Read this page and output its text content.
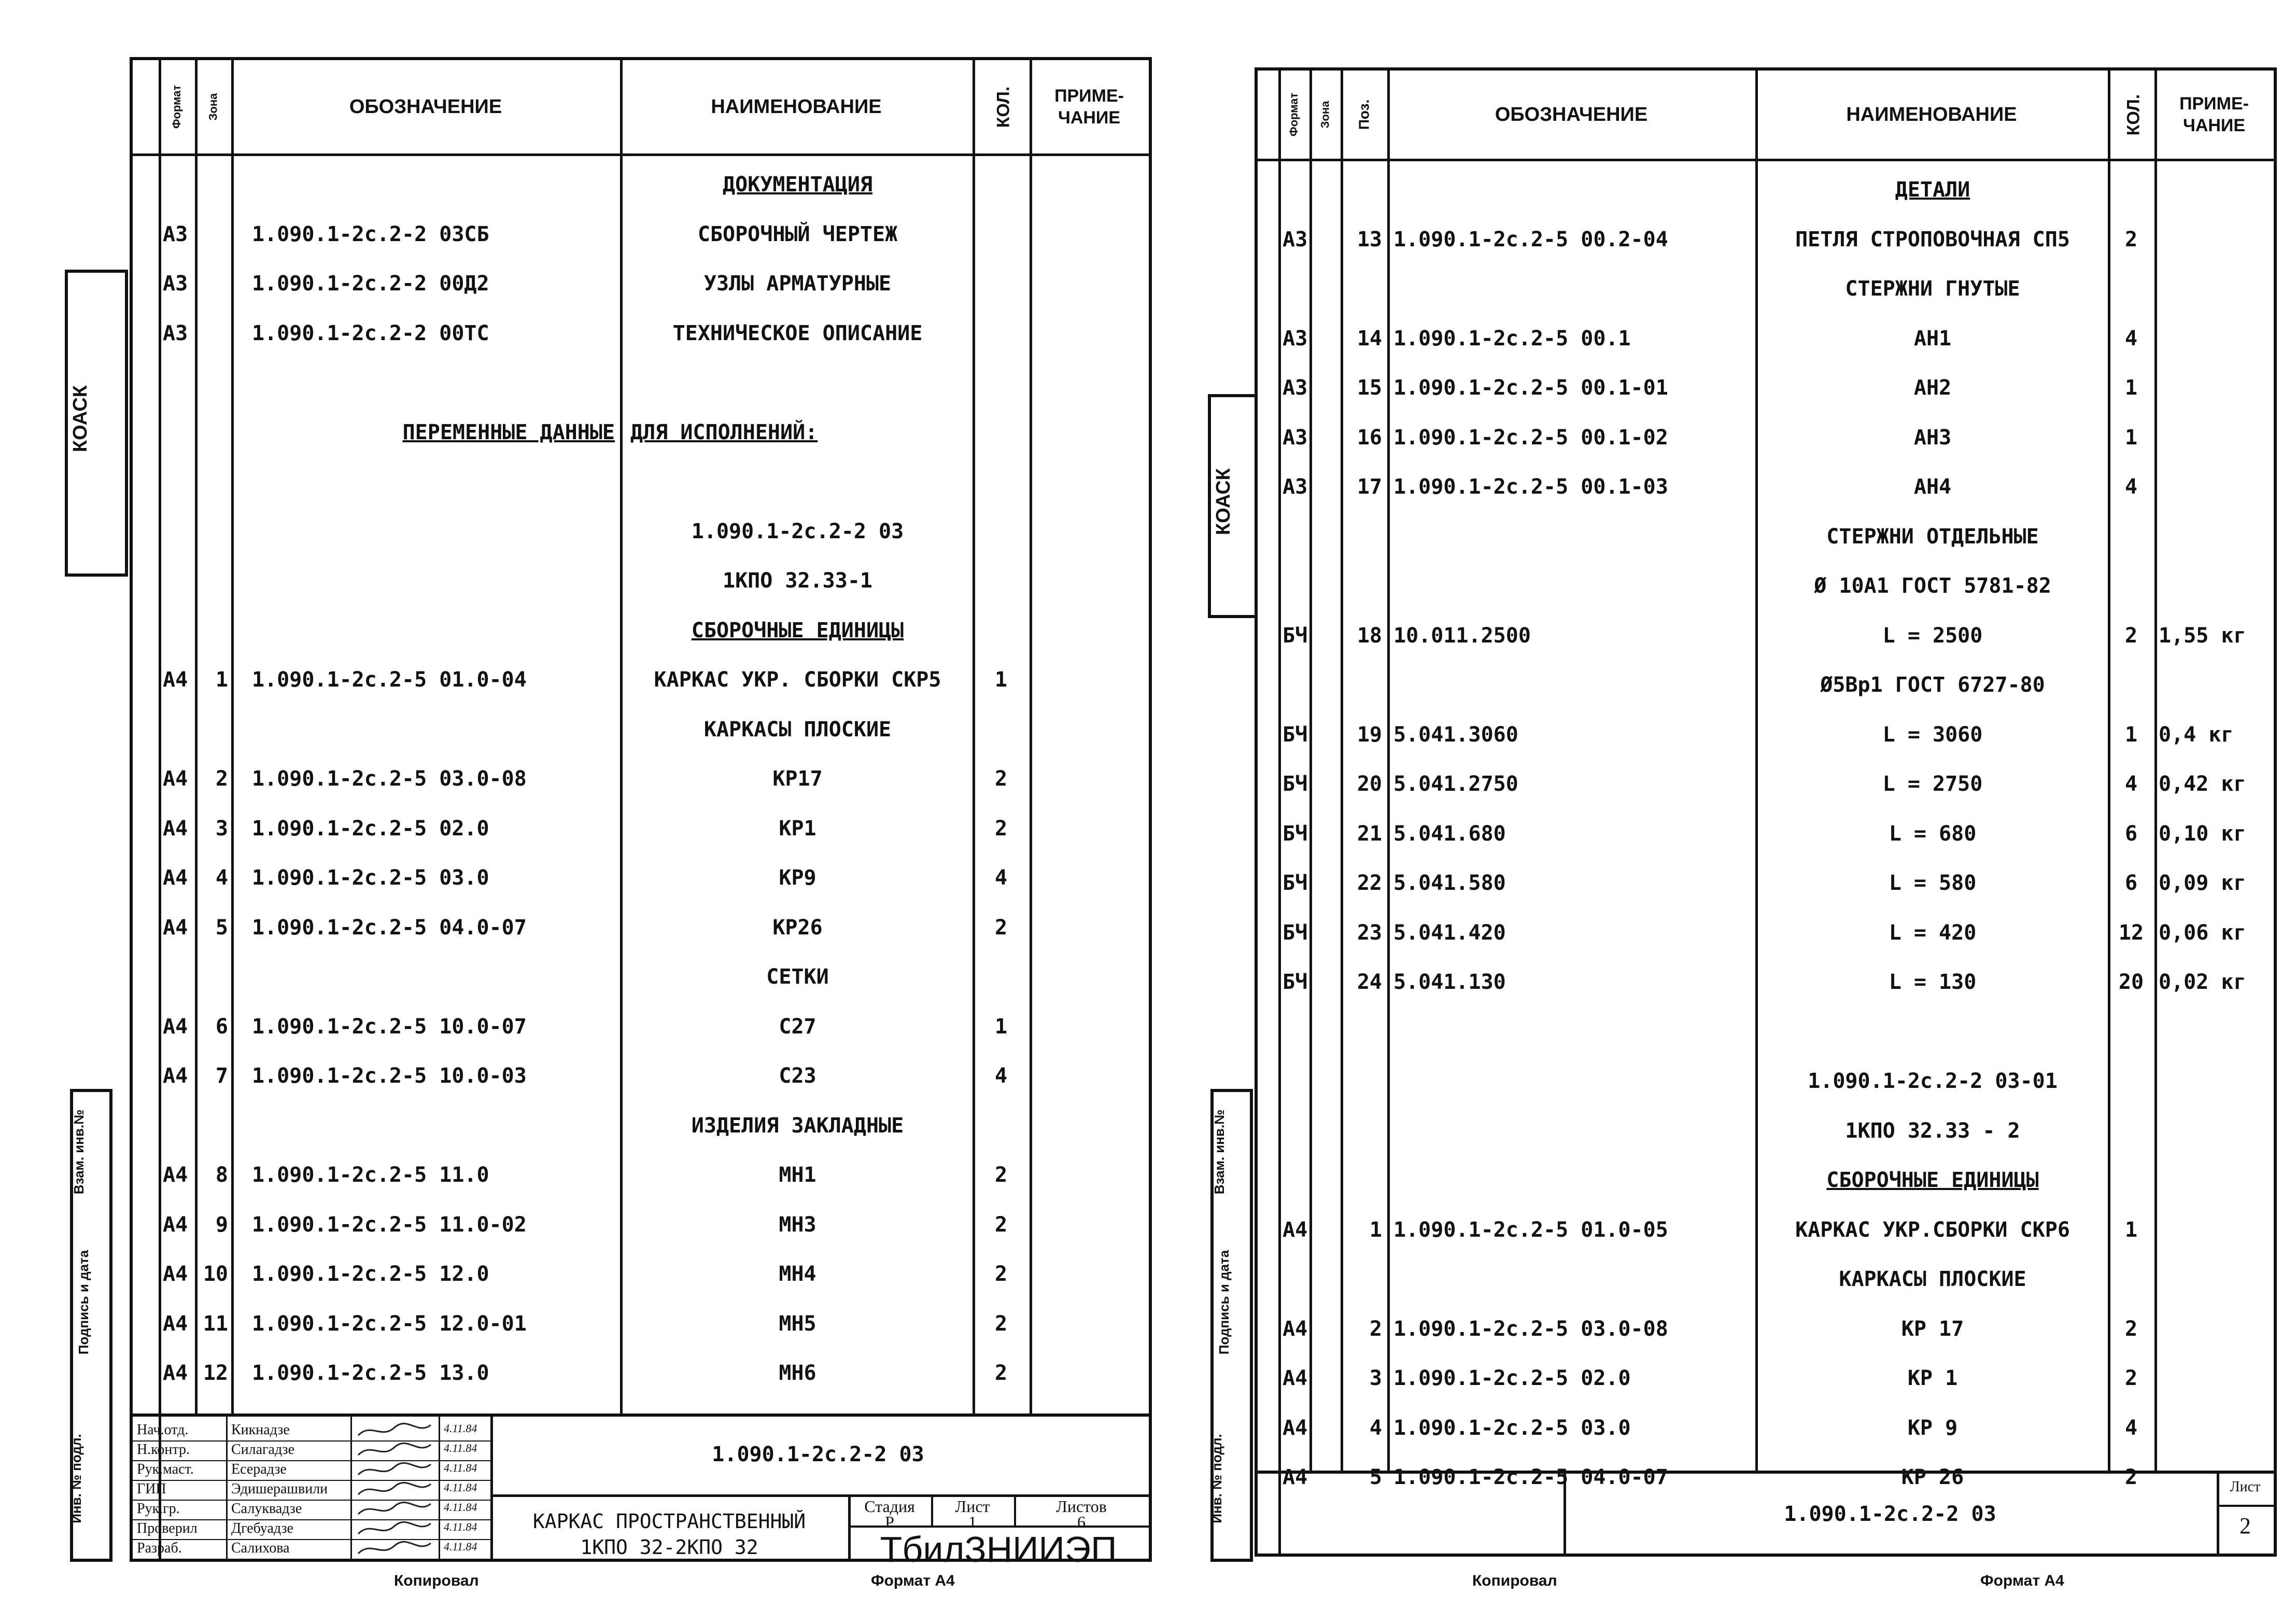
КОАСК
Взам. инв.№
Подпись и дата
Инв. № подл.
Формат Зона	ОБОЗНАЧЕНИЕ	НАИМЕНОВАНИЕ	КОЛ.	ПРИМЕ- ЧАНИЕ
ДОКУМЕНТАЦИЯ
А3	1.090.1-2с.2-2 03СБ	СБОРОЧНЫЙ ЧЕРТЕЖ
А3	1.090.1-2с.2-2 00Д2	УЗЛЫ АРМАТУРНЫЕ
А3	1.090.1-2с.2-2 00ТС	ТЕХНИЧЕСКОЕ ОПИСАНИЕ
ПЕРЕМЕННЫЕ ДАННЫЕ ДЛЯ ИСПОЛНЕНИЙ:
1.090.1-2с.2-2 03
1КПО 32.33-1
СБОРОЧНЫЕ ЕДИНИЦЫ
А4	1 1.090.1-2с.2-5 01.0-04	КАРКАС УКР. СБОРКИ СКР5	1
КАРКАСЫ ПЛОСКИЕ
А4	2 1.090.1-2с.2-5 03.0-08	КР17	2
А4	3 1.090.1-2с.2-5 02.0	КР1	2
А4	4 1.090.1-2с.2-5 03.0	КР9	4
А4	5 1.090.1-2с.2-5 04.0-07	КР26	2
СЕТКИ
А4	6 1.090.1-2с.2-5 10.0-07	С27	1
А4	7 1.090.1-2с.2-5 10.0-03	С23	4
ИЗДЕЛИЯ ЗАКЛАДНЫЕ
А4	8 1.090.1-2с.2-5 11.0	МН1	2
А4	9 1.090.1-2с.2-5 11.0-02	МН3	2
А4 10 1.090.1-2с.2-5 12.0	МН4	2
А4 11 1.090.1-2с.2-5 12.0-01	МН5	2
А4 12 1.090.1-2с.2-5 13.0	МН6	2
1.090.1-2с.2-2 03
КАРКАС ПРОСТРАНСТВЕННЫЙ
1КПО 32-2КПО 32
Стадия	Лист	Листов
Р	1	6
ТбилЗНИИЭП
Нач.отд.	Кикнадзе	4.11.84
Н.контр.	Силагадзе	4.11.84
Рук.маст.	Есерадзе	4.11.84
ГИП	Эдишерашвили	4.11.84
Рук.гр.	Салуквадзе	4.11.84
Проверил	Дгебуадзе	4.11.84
Разраб.	Салихова	4.11.84
Копировал	Формат А4
КОАСК
Взам. инв.№
Подпись и дата
Инв. № подл.
Формат Зона Поз.	ОБОЗНАЧЕНИЕ	НАИМЕНОВАНИЕ	КОЛ.	ПРИМЕ- ЧАНИЕ
ДЕТАЛИ
А3	13 1.090.1-2с.2-5 00.2-04	ПЕТЛЯ СТРОПОВОЧНАЯ СП5	2
СТЕРЖНИ ГНУТЫЕ
А3	14 1.090.1-2с.2-5 00.1	АН1	4
А3	15 1.090.1-2с.2-5 00.1-01	АН2	1
А3	16 1.090.1-2с.2-5 00.1-02	АН3	1
А3	17 1.090.1-2с.2-5 00.1-03	АН4	4
СТЕРЖНИ ОТДЕЛЬНЫЕ
Ø 10А1 ГОСТ 5781-82
БЧ	18 10.011.2500	L = 2500	2	1,55 кг
Ø5Вр1 ГОСТ 6727-80
БЧ	19 5.041.3060	L = 3060	1	0,4 кг
БЧ	20 5.041.2750	L = 2750	4	0,42 кг
БЧ	21 5.041.680	L = 680	6	0,10 кг
БЧ	22 5.041.580	L = 580	6	0,09 кг
БЧ	23 5.041.420	L = 420	12 0,06 кг
БЧ	24 5.041.130	L = 130	20 0,02 кг
1.090.1-2с.2-2 03-01
1КПО 32.33 - 2
СБОРОЧНЫЕ ЕДИНИЦЫ
А4	1 1.090.1-2с.2-5 01.0-05	КАРКАС УКР.СБОРКИ СКР6	1
КАРКАСЫ ПЛОСКИЕ
А4	2 1.090.1-2с.2-5 03.0-08	КР 17	2
А4	3 1.090.1-2с.2-5 02.0	КР 1	2
А4	4 1.090.1-2с.2-5 03.0	КР 9	4
А4	5 1.090.1-2с.2-5 04.0-07	КР 26	2
1.090.1-2с.2-2 03
Лист
2
Копировал	Формат А4
